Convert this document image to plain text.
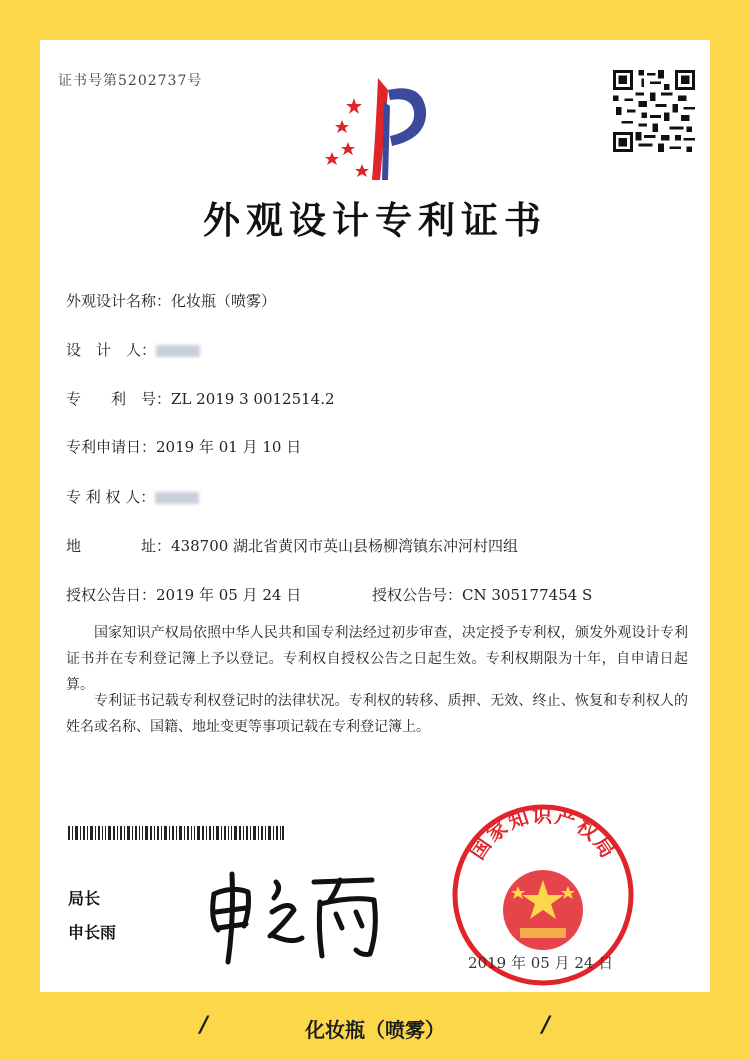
证书号第5202737号
外观设计专利证书
外观设计名称：化妆瓶（喷雾）
设　计　人：
专　　利　号：ZL 2019 3 0012514.2
专利申请日：2019 年 01 月 10 日
专 利 权 人：
地　　　　址：438700 湖北省黄冈市英山县杨柳湾镇东冲河村四组
授权公告日：2019 年 05 月 24 日	授权公告号：CN 305177454 S
国家知识产权局依照中华人民共和国专利法经过初步审查，决定授予专利权，颁发外观设计专利证书并在专利登记簿上予以登记。专利权自授权公告之日起生效。专利权期限为十年，自申请日起算。
专利证书记载专利权登记时的法律状况。专利权的转移、质押、无效、终止、恢复和专利权人的姓名或名称、国籍、地址变更等事项记载在专利登记簿上。
局长
申长雨
国家知识产权局
2019 年 05 月 24 日
/	化妆瓶（喷雾）	/
